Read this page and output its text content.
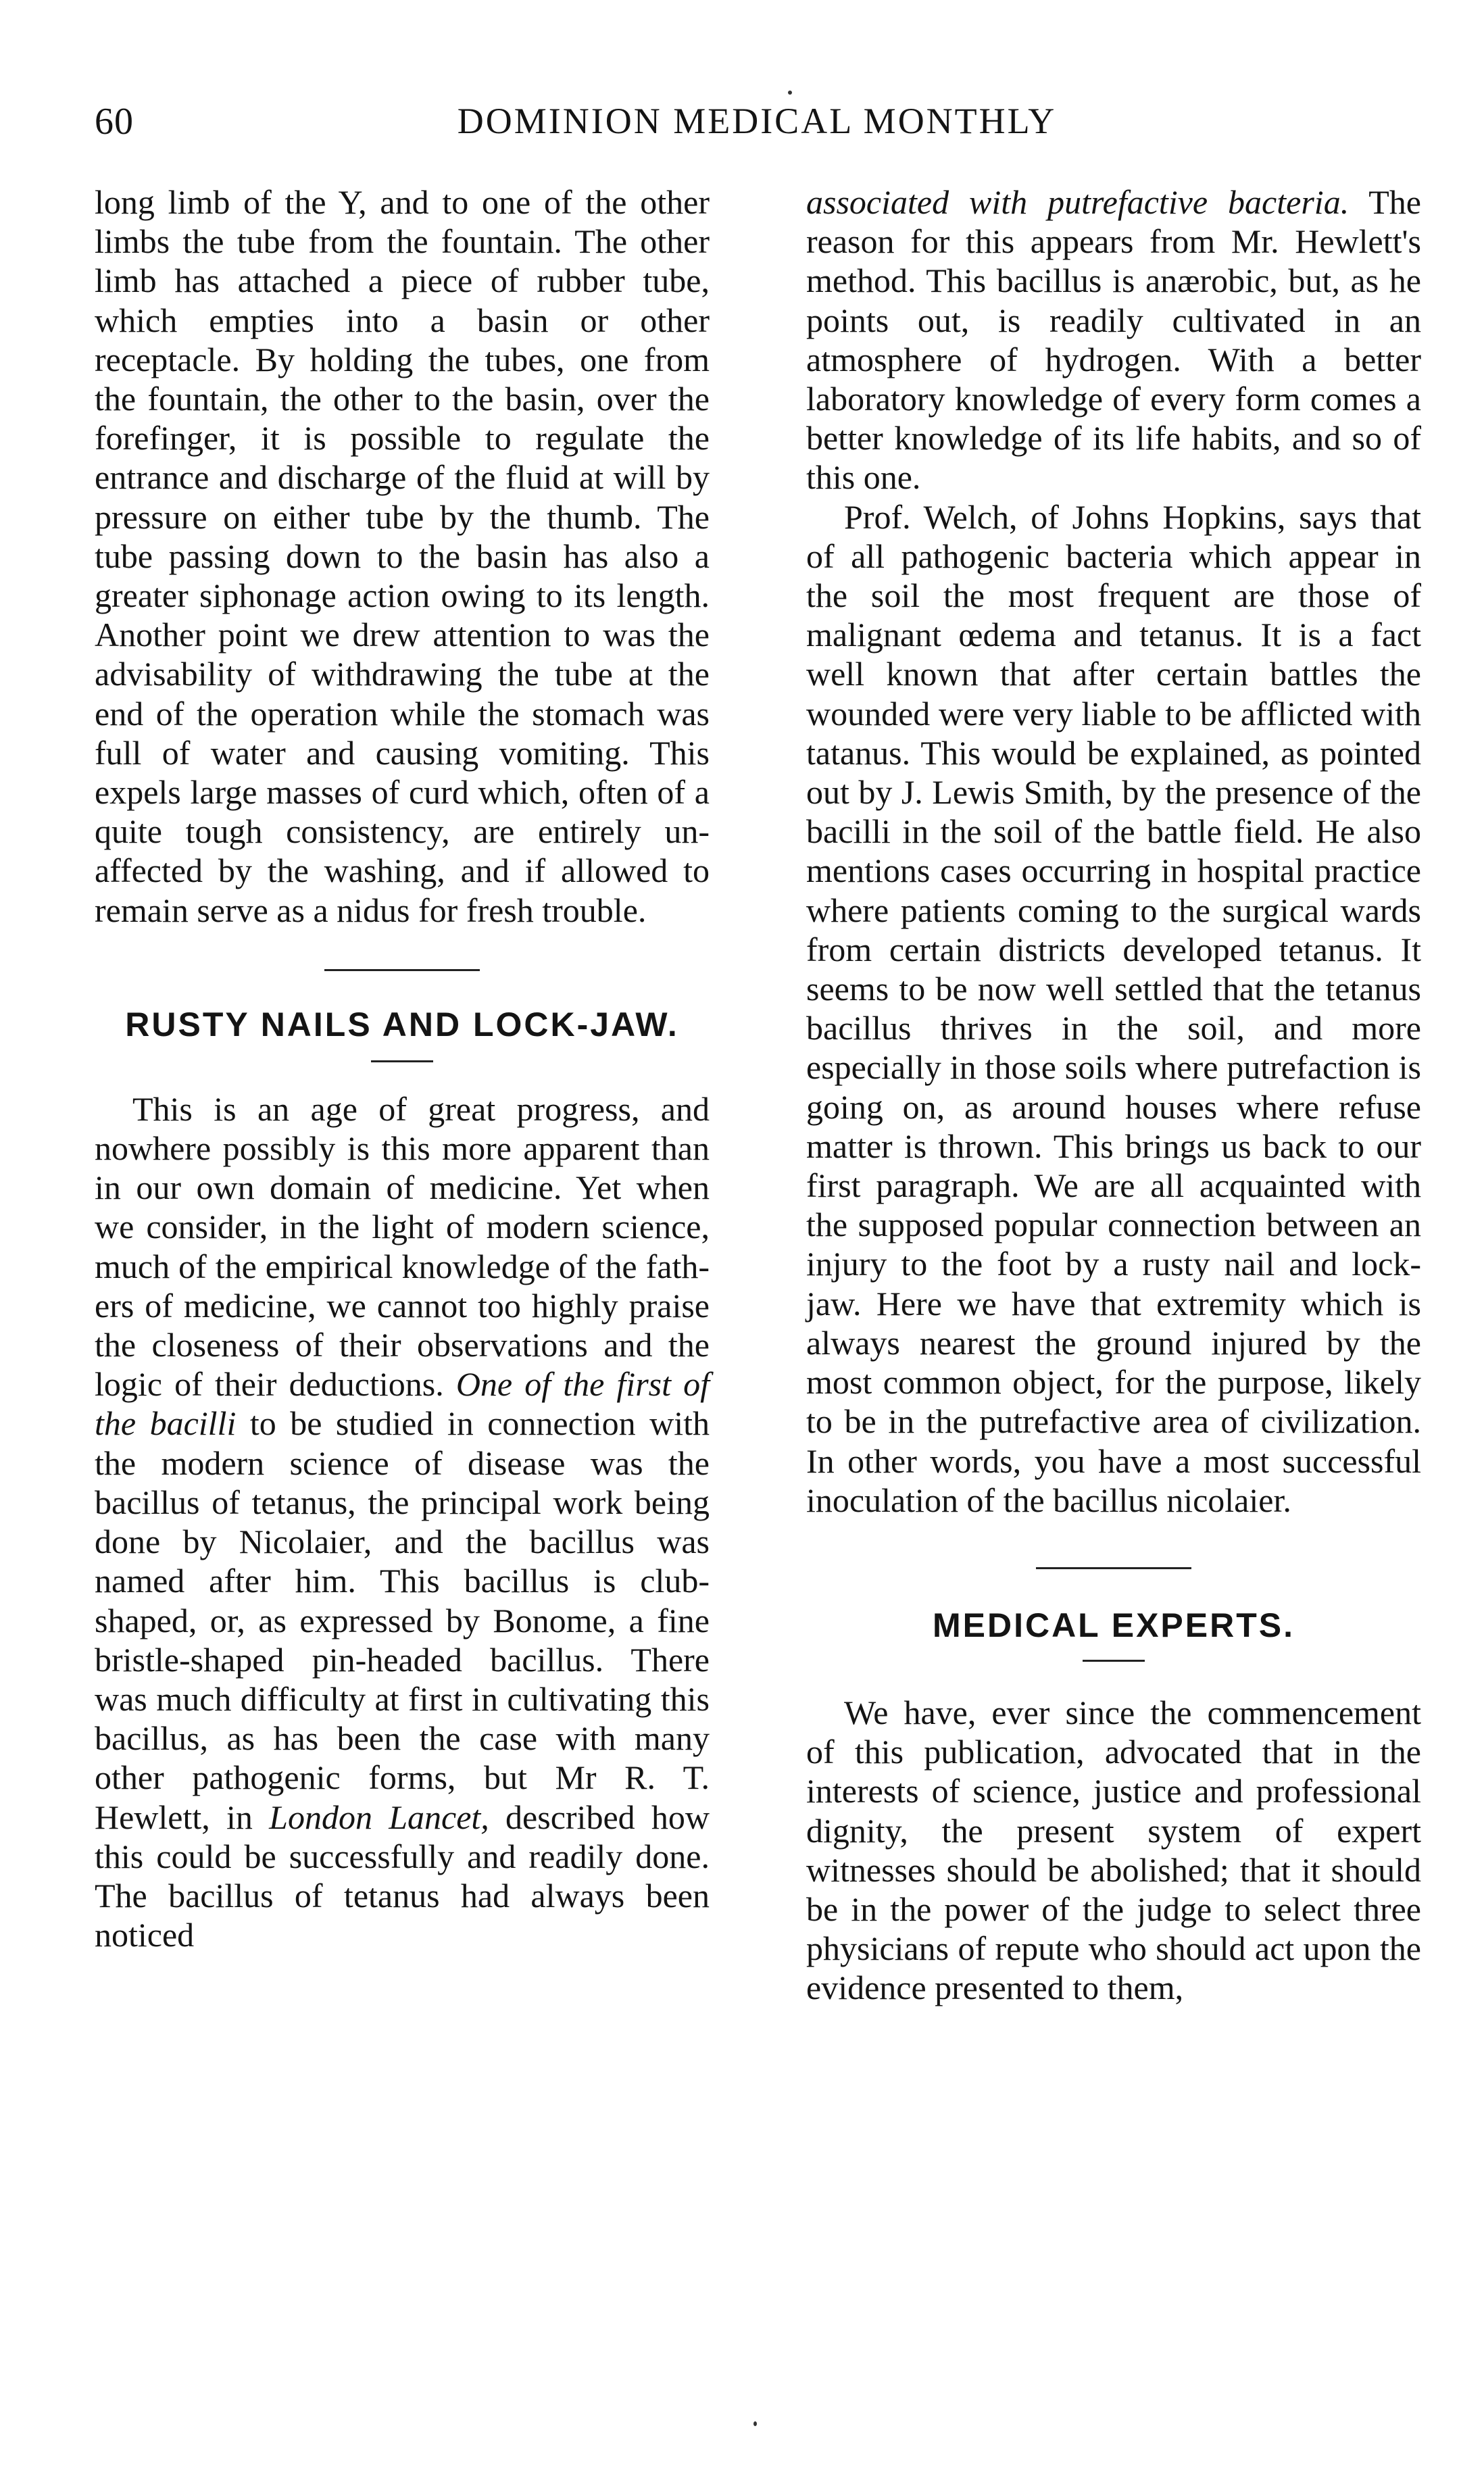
60	DOMINION MEDICAL MONTHLY

long limb of the Y, and to one of the other limbs the tube from the fountain. The other limb has attached a piece of rubber tube, which empties into a basin or other receptacle. By holding the tubes, one from the fountain, the other to the basin, over the forefinger, it is possible to regulate the entrance and discharge of the fluid at will by pressure on either tube by the thumb. The tube passing down to the basin has also a greater siphonage action owing to its length. Another point we drew attention to was the advisability of withdrawing the tube at the end of the operation while the stomach was full of water and causing vomiting. This expels large masses of curd which, often of a quite tough consistency, are entirely unaffected by the washing, and if allowed to remain serve as a nidus for fresh trouble.

RUSTY NAILS AND LOCK-JAW.

This is an age of great progress, and nowhere possibly is this more apparent than in our own domain of medicine. Yet when we consider, in the light of modern science, much of the empirical knowledge of the fathers of medicine, we cannot too highly praise the closeness of their observations and the logic of their deductions. One of the first of the bacilli to be studied in connection with the modern science of disease was the bacillus of tetanus, the principal work being done by Nicolaier, and the bacillus was named after him. This bacillus is club-shaped, or, as expressed by Bonome, a fine bristle-shaped pin-headed bacillus. There was much difficulty at first in cultivating this bacillus, as has been the case with many other pathogenic forms, but Mr R. T. Hewlett, in London Lancet, described how this could be successfully and readily done. The bacillus of tetanus had always been noticed

associated with putrefactive bacteria. The reason for this appears from Mr. Hewlett's method. This bacillus is anærobic, but, as he points out, is readily cultivated in an atmosphere of hydrogen. With a better laboratory knowledge of every form comes a better knowledge of its life habits, and so of this one.

Prof. Welch, of Johns Hopkins, says that of all pathogenic bacteria which appear in the soil the most frequent are those of malignant œdema and tetanus. It is a fact well known that after certain battles the wounded were very liable to be afflicted with tatanus. This would be explained, as pointed out by J. Lewis Smith, by the presence of the bacilli in the soil of the battle field. He also mentions cases occurring in hospital practice where patients coming to the surgical wards from certain districts developed tetanus. It seems to be now well settled that the tetanus bacillus thrives in the soil, and more especially in those soils where putrefaction is going on, as around houses where refuse matter is thrown. This brings us back to our first paragraph. We are all acquainted with the supposed popular connection between an injury to the foot by a rusty nail and lock-jaw. Here we have that extremity which is always nearest the ground injured by the most common object, for the purpose, likely to be in the putrefactive area of civilization. In other words, you have a most successful inoculation of the bacillus nicolaier.

MEDICAL EXPERTS.

We have, ever since the commencement of this publication, advocated that in the interests of science, justice and professional dignity, the present system of expert witnesses should be abolished; that it should be in the power of the judge to select three physicians of repute who should act upon the evidence presented to them,
